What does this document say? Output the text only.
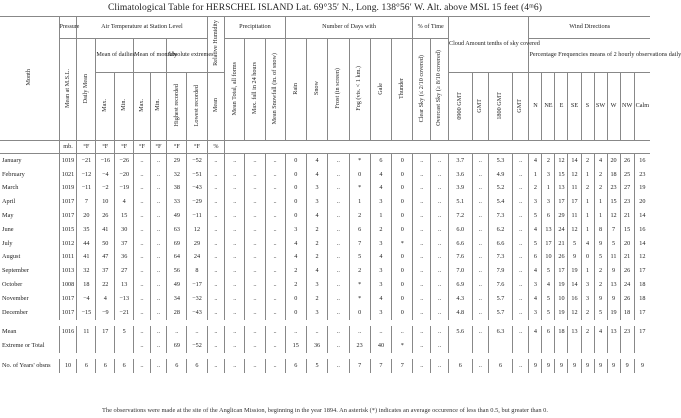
Climatological Table for HERSCHEL ISLAND Lat. 69°35′ N., Long. 138°56′ W. Alt. above MSL 15 feet (4ᵐ6)
Month	Pressure	Air Temperature at Station Level							Relative Humidity	Precipitation			Number of Days with						% of Time		Cloud Amount tenths of sky covered				Wind Directions								
	Mean at M.S.L.	Daily Mean	Mean of dailies		Mean of monthly		Absolute extremes			Mean Total, all forms	Max. fall in 24 hours	Mean Snowfall (in. of snow)	Rain	Snow	Frost (in screen)	Fog (vis. < 1 km.)	Gale	Thunder	Clear Sky (≤ 2/10 covered)	Overcast Sky (≥ 8/10 covered)					Percentage Frequencies means of 2 hourly observations daily								
			Max.	Min.	Max.	Min.	Highest recorded	Lowest recorded	Mean												0900 GMT	GMT	1800 GMT	GMT	N	NE	E	SE	S	SW	W	NW	Calm
	mb.	°F	°F	°F	°F	°F	°F	°F	%																								
January	1019	−21	−16	−26	..	..	29	−52	..	..	..	..	0	4	..	*	6	0	..	..	3.7	..	5.3	..	4	2	12	14	2	4	20	26	16
February	1021	−12	−4	−20	..	..	32	−51	..	..	..	..	0	4	..	0	4	0	..	..	3.6	..	4.9	..	1	3	15	12	1	2	18	25	23
March	1019	−11	−2	−19	..	..	38	−43	..	..	..	..	0	3	..	*	4	0	..	..	3.9	..	5.2	..	2	1	13	11	2	2	23	27	19
April	1017	7	10	4	..	..	33	−29	..	..	..	..	0	3	..	1	3	0	..	..	5.1	..	5.4	..	3	3	17	17	1	1	15	23	20
May	1017	20	26	15	..	..	49	−11	..	..	..	..	0	4	..	2	1	0	..	..	7.2	..	7.3	..	5	6	29	11	1	1	12	21	14
June	1015	35	41	30	..	..	63	12	..	..	..	..	3	2	..	6	2	0	..	..	6.0	..	6.2	..	4	13	24	12	1	8	7	15	16
July	1012	44	50	37	..	..	69	29	..	..	..	..	4	2	..	7	3	*	..	..	6.6	..	6.6	..	5	17	21	5	4	9	5	20	14
August	1011	41	47	36	..	..	64	24	..	..	..	..	4	2	..	5	4	0	..	..	7.6	..	7.3	..	6	10	26	9	0	5	11	21	12
September	1013	32	37	27	..	..	56	8	..	..	..	..	2	4	..	2	3	0	..	..	7.0	..	7.9	..	4	5	17	19	1	2	9	26	17
October	1008	18	22	13	..	..	49	−17	..	..	..	..	2	3	..	*	3	0	..	..	6.9	..	7.6	..	3	4	19	14	3	2	13	24	18
November	1017	−4	4	−13	..	..	34	−32	..	..	..	..	0	2	..	*	4	0	..	..	4.3	..	5.7	..	4	5	10	16	3	9	9	26	18
December	1017	−15	−9	−21	..	..	28	−43	..	..	..	..	0	3	..	0	3	0	..	..	4.8	..	5.7	..	3	5	19	12	2	5	19	18	17

Mean	1016	11	17	5	..	..	..	..	..	..	..	..	..	..	..	..	..	..	..	..	5.6	..	6.3	..	4	6	18	13	2	4	13	23	17
Extreme or Total					..	..	69	−52	..	..	..	..	15	36	..	23	40	*	..	..													

No. of Years' obsns	10	6	6	6	..	..	6	6	..	..	..	..	6	5	..	7	7	7	..	..	6	..	6	..	9	9	9	9	9	9	9	9	9
The observations were made at the site of the Anglican Mission, beginning in the year 1894. An asterisk (*) indicates an average occurence of less than 0.5, but greater than 0.
